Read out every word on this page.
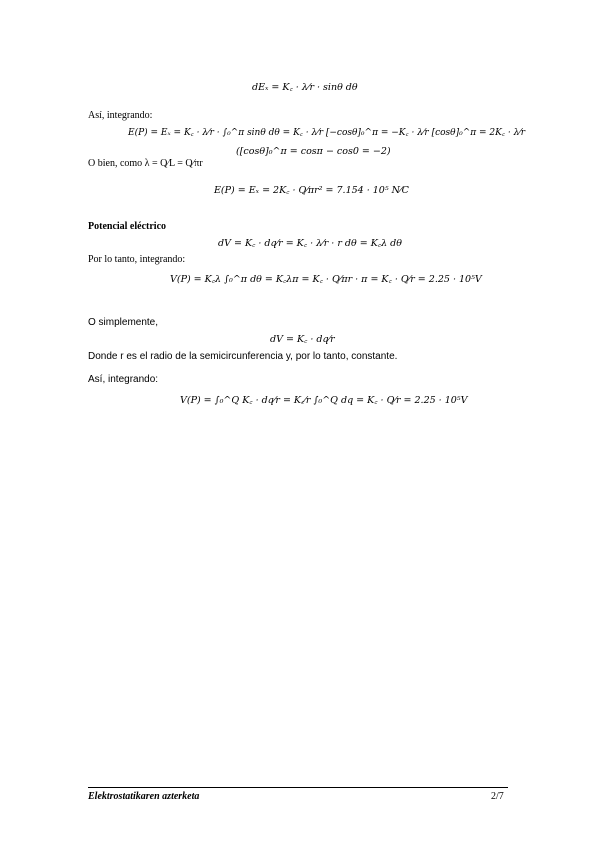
dEₓ = K꜀ · λ⁄r · sinθ dθ
Así, integrando:
E(P) = Eₓ = K꜀ · λ⁄r · ∫₀^π sinθ dθ = K꜀ · λ⁄r [−cosθ]₀^π = −K꜀ · λ⁄r [cosθ]₀^π = 2K꜀ · λ⁄r
([cosθ]₀^π = cosπ − cos0 = −2)
O bien, como λ = Q⁄L = Q⁄πr
E(P) = Eₓ = 2K꜀ · Q⁄πr² = 7.154 · 10⁵ N⁄C
Potencial eléctrico
dV = K꜀ · dq⁄r = K꜀ · λ⁄r · r dθ = K꜀λ dθ
Por lo tanto, integrando:
V(P) = K꜀λ ∫₀^π dθ = K꜀λπ = K꜀ · Q⁄πr · π = K꜀ · Q⁄r = 2.25 · 10⁵V
O simplemente,
dV = K꜀ · dq⁄r
Donde r es el radio de la semicircunferencia y, por lo tanto, constante.
Así, integrando:
V(P) = ∫₀^Q K꜀ · dq⁄r = K꜀⁄r ∫₀^Q dq = K꜀ · Q⁄r = 2.25 · 10⁵V
Elektrostatikaren azterketa	2/7
